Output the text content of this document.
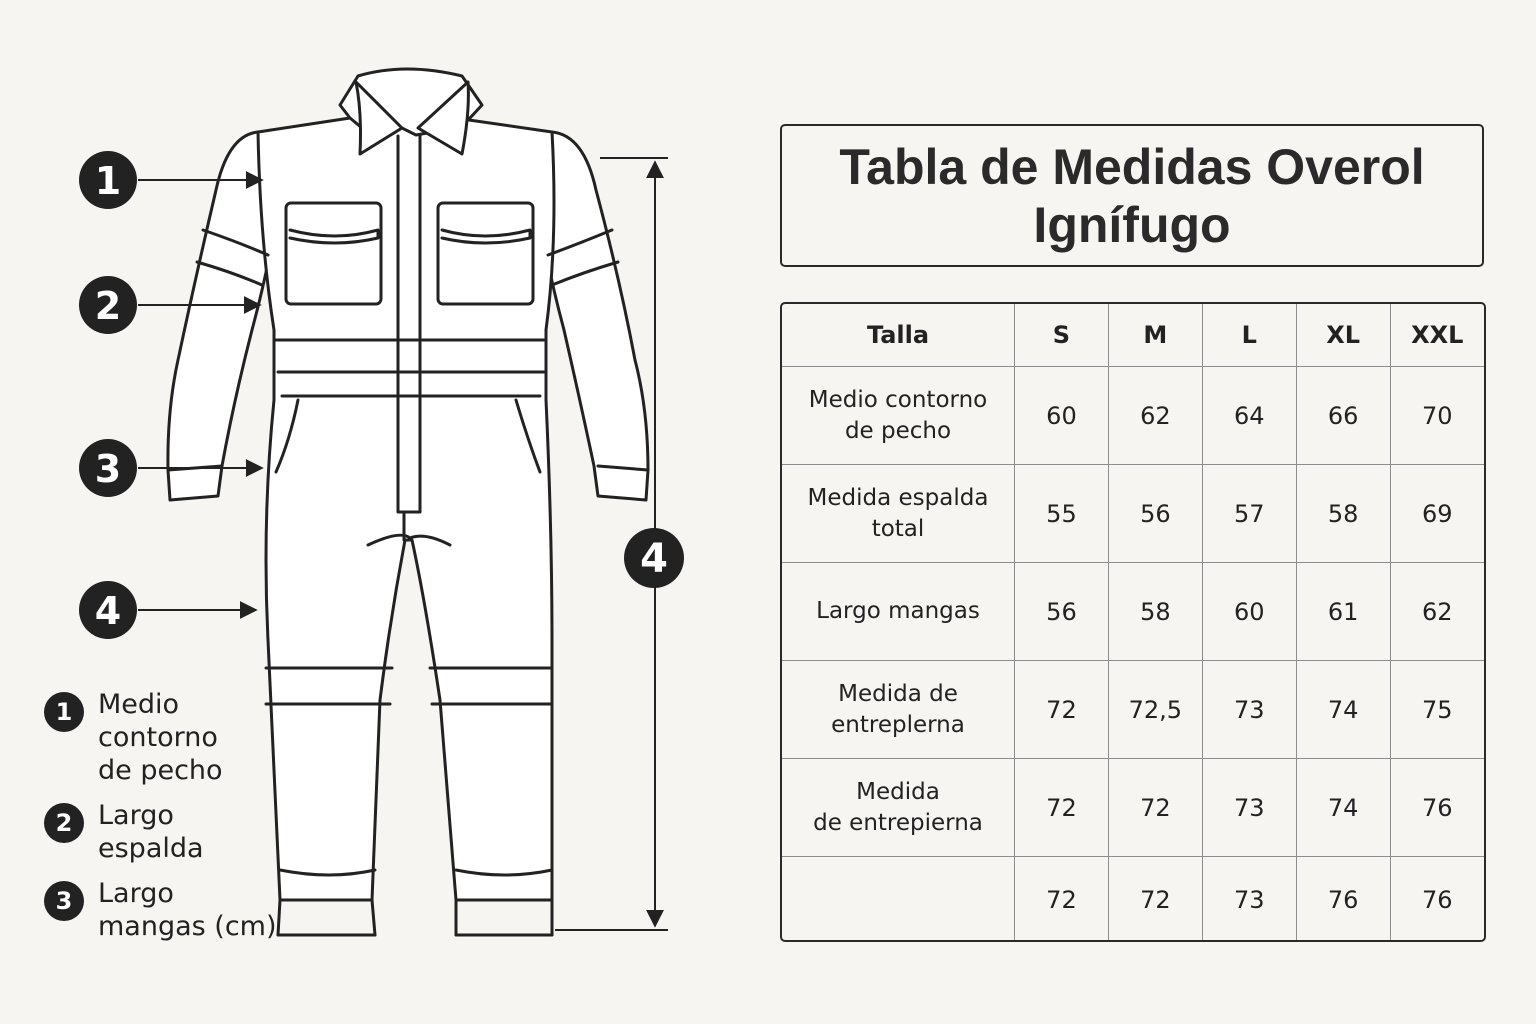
1
2
3
4
4
1 Medio
contorno
de pecho
2 Largo
espalda
3 Largo
mangas (cm)
Tabla de Medidas Overol Ignífugo
Talla	S	M	L	XL	XXL
Medio contorno
de pecho	60	62	64	66	70
Medida espalda
total	55	56	57	58	69
Largo mangas	56	58	60	61	62
Medida de
entreplerna	72	72,5	73	74	75
Medida
de entrepierna	72	72	73	74	76
	72	72	73	76	76
